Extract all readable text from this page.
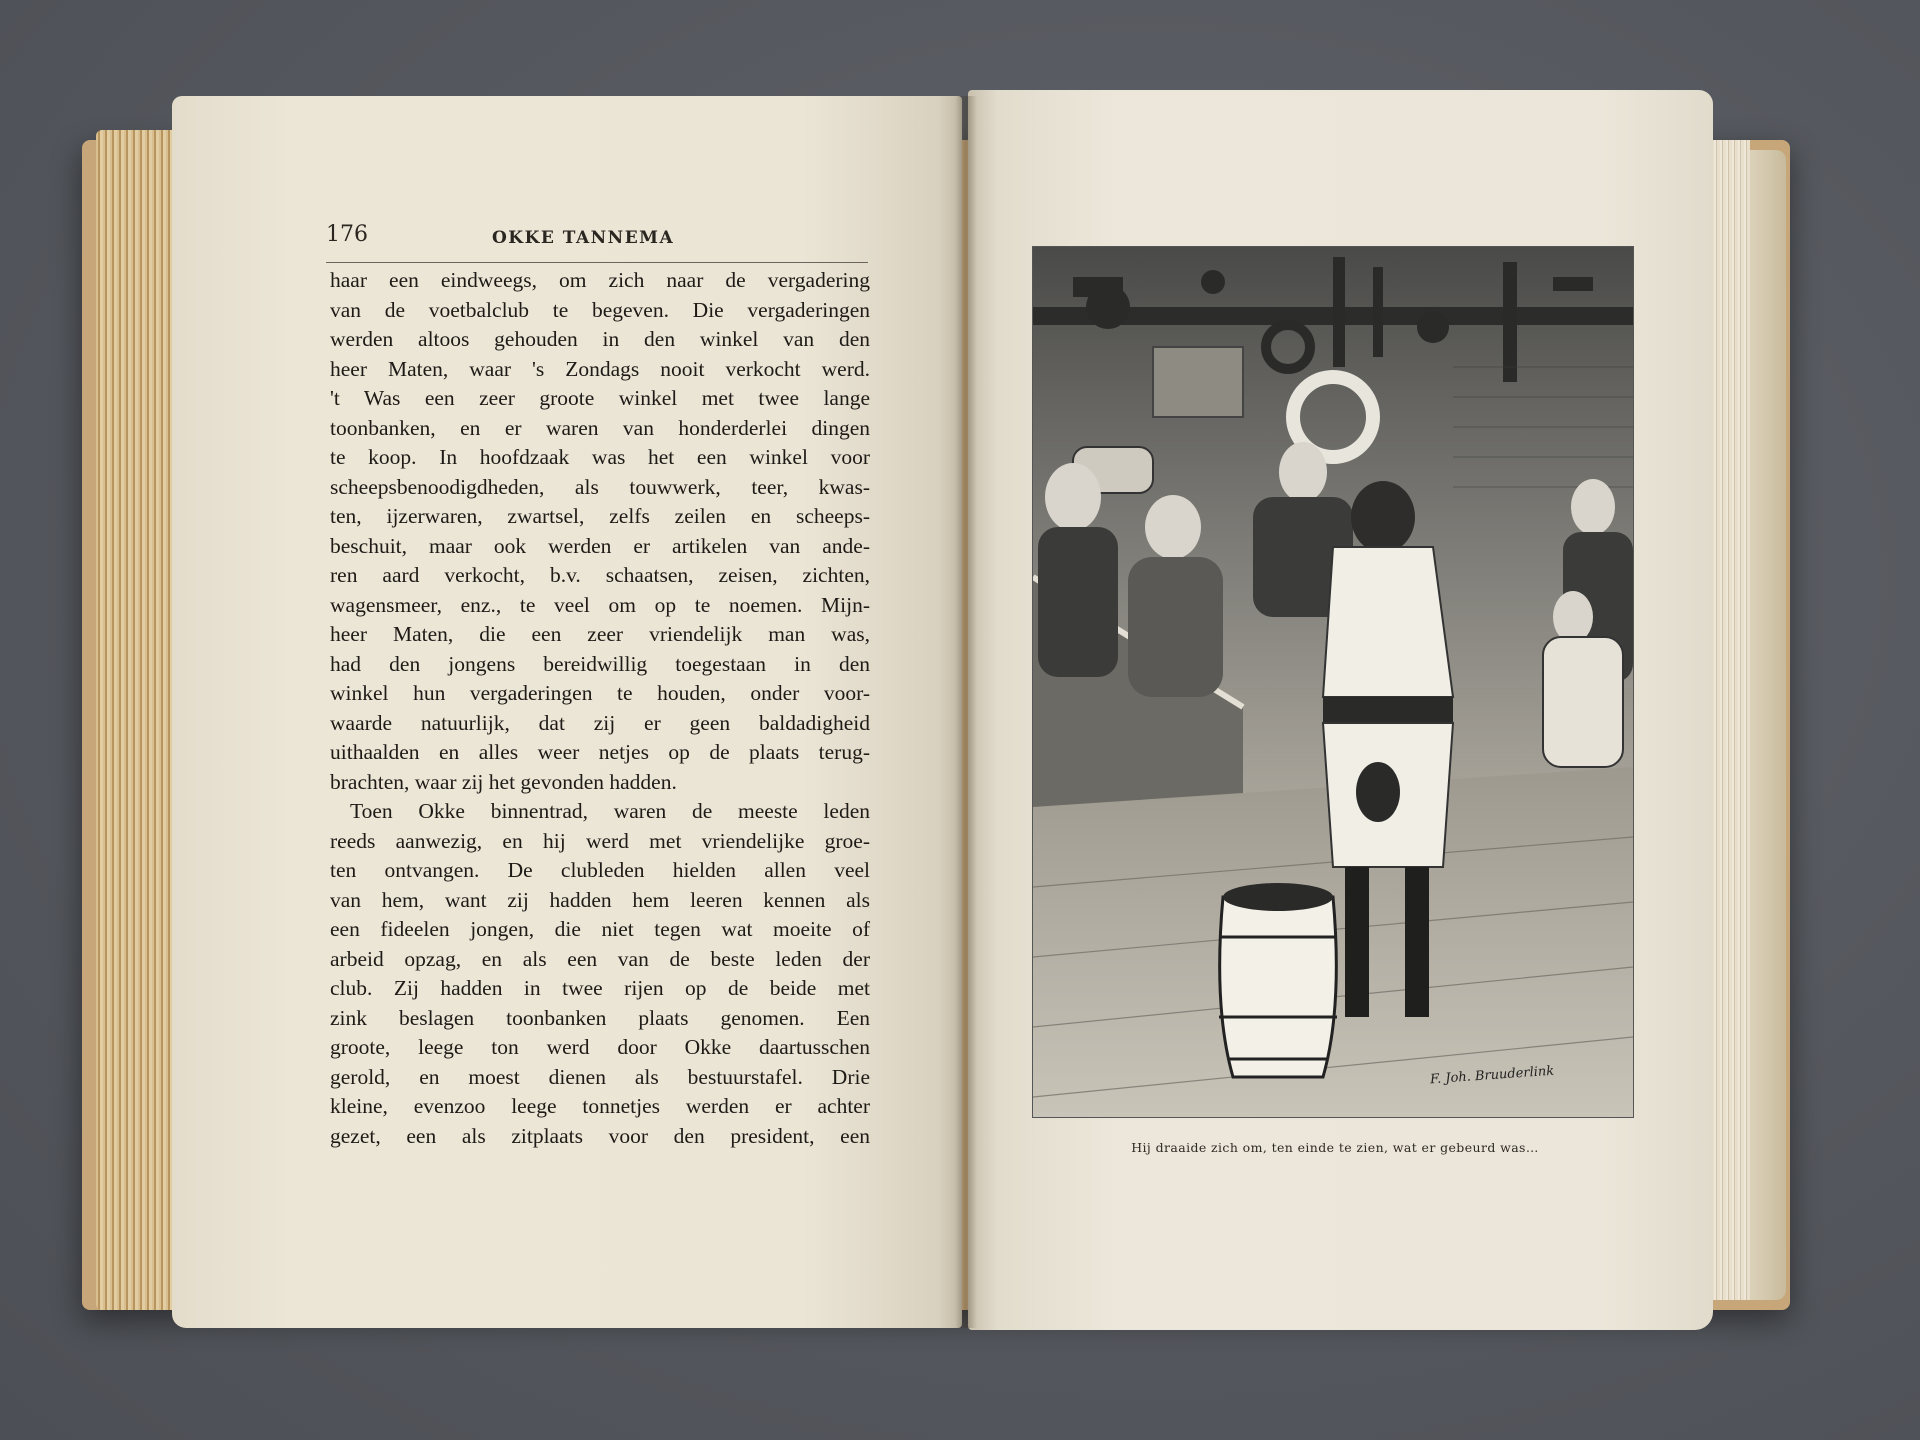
176	OKKE TANNEMA
haar een eindweegs, om zich naar de vergadering
van de voetbalclub te begeven. Die vergaderingen
werden altoos gehouden in den winkel van den
heer Maten, waar 's Zondags nooit verkocht werd.
't Was een zeer groote winkel met twee lange
toonbanken, en er waren van honderderlei dingen
te koop. In hoofdzaak was het een winkel voor
scheepsbenoodigdheden, als touwwerk, teer, kwas-
ten, ijzerwaren, zwartsel, zelfs zeilen en scheeps-
beschuit, maar ook werden er artikelen van ande-
ren aard verkocht, b.v. schaatsen, zeisen, zichten,
wagensmeer, enz., te veel om op te noemen. Mijn-
heer Maten, die een zeer vriendelijk man was,
had den jongens bereidwillig toegestaan in den
winkel hun vergaderingen te houden, onder voor-
waarde natuurlijk, dat zij er geen baldadigheid
uithaalden en alles weer netjes op de plaats terug-
brachten, waar zij het gevonden hadden.
Toen Okke binnentrad, waren de meeste leden
reeds aanwezig, en hij werd met vriendelijke groe-
ten ontvangen. De clubleden hielden allen veel
van hem, want zij hadden hem leeren kennen als
een fideelen jongen, die niet tegen wat moeite of
arbeid opzag, en als een van de beste leden der
club. Zij hadden in twee rijen op de beide met
zink beslagen toonbanken plaats genomen. Een
groote, leege ton werd door Okke daartusschen
gerold, en moest dienen als bestuurstafel. Drie
kleine, evenzoo leege tonnetjes werden er achter
gezet, een als zitplaats voor den president, een
F. Joh. Bruuderlink
Hij draaide zich om, ten einde te zien, wat er gebeurd was…
